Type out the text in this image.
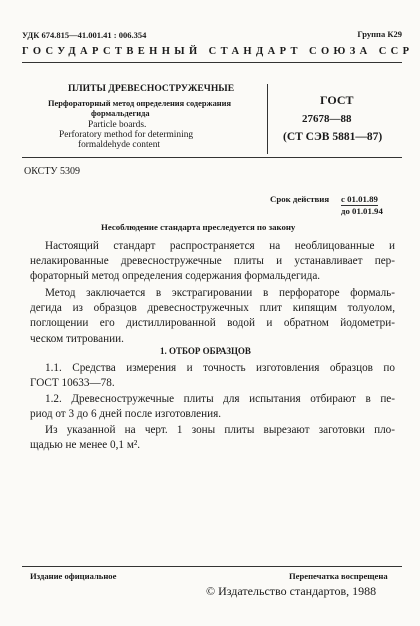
УДК 674.815—41.001.41 : 006.354	Группа К29
ГОСУДАРСТВЕННЫЙ СТАНДАРТ СОЮЗА ССР
ПЛИТЫ ДРЕВЕСНОСТРУЖЕЧНЫЕ
Перфораторный метод определения содержания
формальдегида
Particle boards.
Perforatory method for determining
formaldehyde content
ГОСТ
27678—88
(СТ СЭВ 5881—87)
ОКСТУ 5309
Срок действия с 01.01.89
до 01.01.94
Несоблюдение стандарта преследуется по закону
Настоящий стандарт распространяется на необлицованные и
нелакированные древесностружечные плиты и устанавливает пер-
форaторный метод определения содержания формальдегида.
Метод заключается в экстрагировании в перфораторе формаль-
дегида из образцов древесностружечных плит кипящим толуолом,
поглощении его дистиллированной водой и обратном йодометри-
ческом титровании.
1. ОТБОР ОБРАЗЦОВ
1.1. Средства измерения и точность изготовления образцов по
ГОСТ 10633—78.
1.2. Древесностружечные плиты для испытания отбирают в пе-
риод от 3 до 6 дней после изготовления.
Из указанной на черт. 1 зоны плиты вырезают заготовки пло-
щадью не менее 0,1 м².
Издание официальное	Перепечатка воспрещена
© Издательство стандартов, 1988
